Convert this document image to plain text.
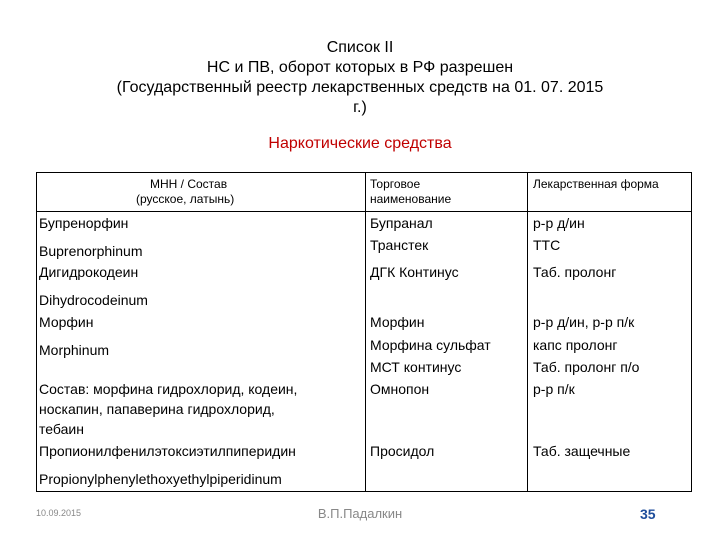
Список II
НС и ПВ, оборот которых в РФ разрешен
(Государственный реестр лекарственных средств на 01. 07. 2015
г.)
Наркотические средства
МНН / Состав
(русское, латынь)
Торговое
наименование
Лекарственная форма
Бупренорфин
Buprenorphinum
Дигидрокодеин
Dihydrocodeinum
Морфин
Morphinum
Состав: морфина гидрохлорид, кодеин,
носкапин, папаверина гидрохлорид,
тебаин
Пропионилфенилэтоксиэтилпиперидин
Propionylphenylethoxyethylpiperidinum
Бупранал
Транстек
ДГК Континус
Морфин
Морфина сульфат
МСТ континус
Омнопон
Просидол
р-р д/ин
ТТС
Таб. пролонг
р-р д/ин, р-р п/к
капс пролонг
Таб. пролонг п/о
р-р п/к
Таб. защечные
10.09.2015	В.П.Падалкин	35
